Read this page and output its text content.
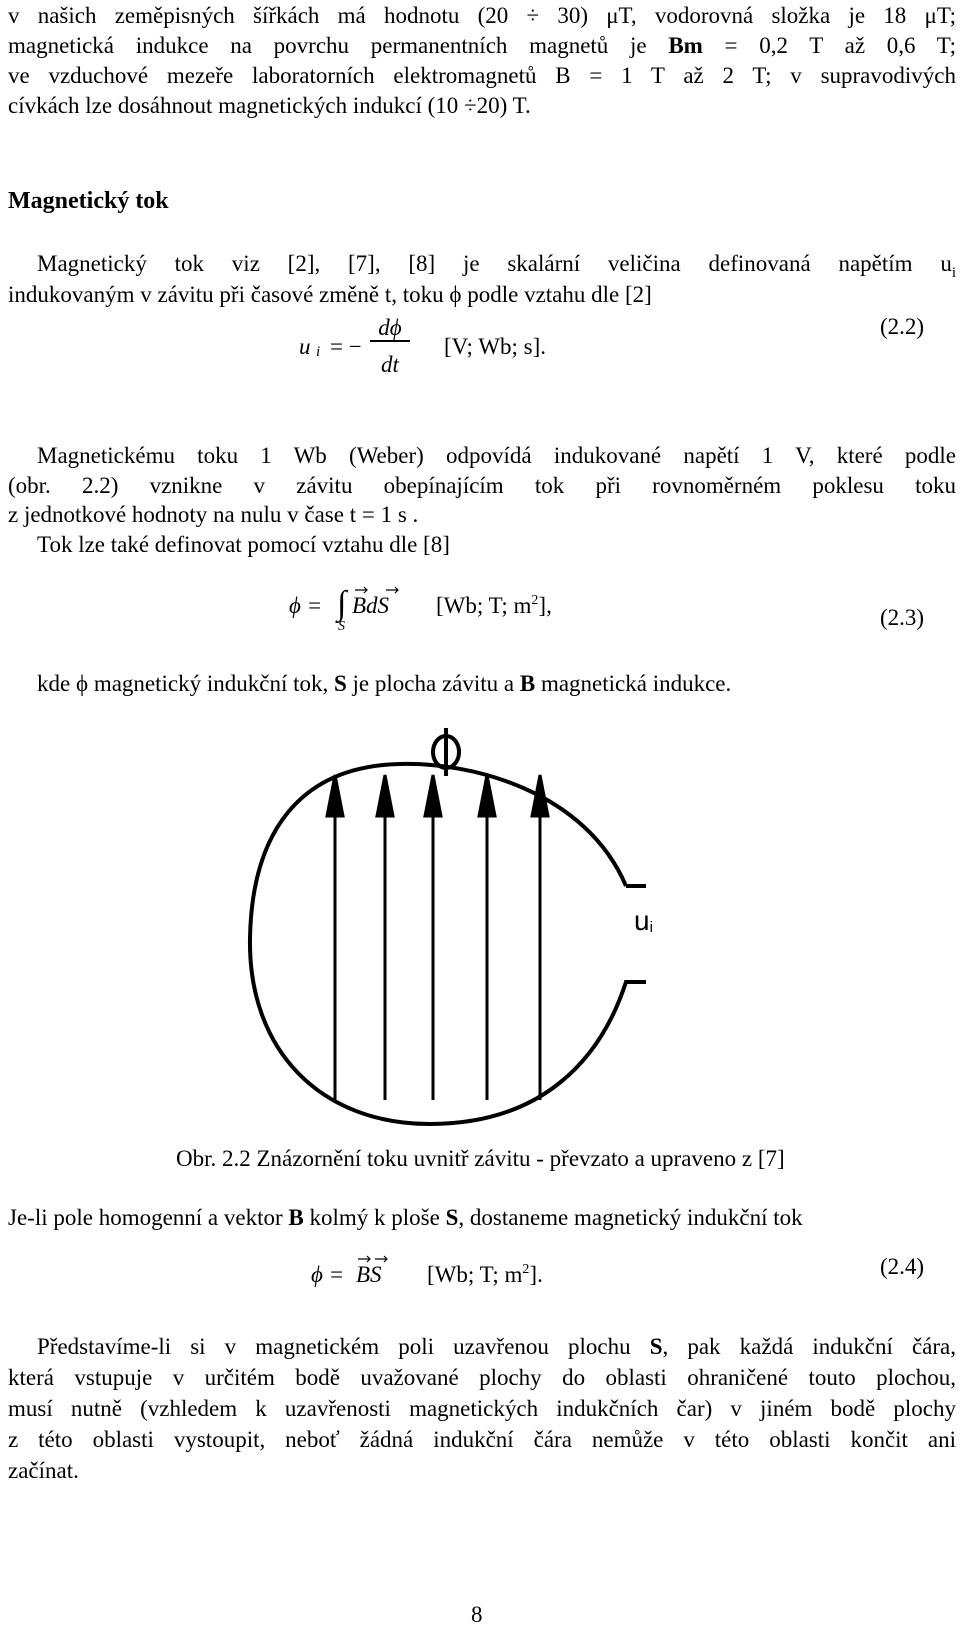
v našich zeměpisných šířkách má hodnotu (20 ÷ 30) μT, vodorovná složka je 18 μT;
magnetická indukce na povrchu permanentních magnetů je Bm = 0,2 T až 0,6 T;
ve vzduchové mezeře laboratorních elektromagnetů B = 1 T až 2 T; v supravodivých
cívkách lze dosáhnout magnetických indukcí (10 ÷20) T.
Magnetický tok
Magnetický tok viz [2], [7], [8] je skalární veličina definovaná napětím $u_i$
indukovaným v závitu při časové změně t, toku ϕ podle vztahu dle [2]
u i = −
dϕ
dt
[V; Wb; s].
(2.2)
Magnetickému toku 1 Wb (Weber) odpovídá indukované napětí 1 V, které podle
(obr. 2.2) vznikne v závitu obepínajícím tok při rovnoměrném poklesu toku
z jednotkové hodnoty na nulu v čase t = 1 s .
Tok lze také definovat pomocí vztahu dle [8]
ϕ = ∫
S
BdS [Wb; T; $m^2$],	(2.3)
kde ϕ magnetický indukční tok, S je plocha závitu a B magnetická indukce.
ui
Obr. 2.2 Znázornění toku uvnitř závitu - převzato a upraveno z [7]
Je-li pole homogenní a vektor B kolmý k ploše S, dostaneme magnetický indukční tok
ϕ = BS [Wb; T; $m^2$].	(2.4)
Představíme-li si v magnetickém poli uzavřenou plochu S, pak každá indukční čára,
která vstupuje v určitém bodě uvažované plochy do oblasti ohraničené touto plochou,
musí nutně (vzhledem k uzavřenosti magnetických indukčních čar) v jiném bodě plochy
z této oblasti vystoupit, neboť žádná indukční čára nemůže v této oblasti končit ani
začínat.
8
